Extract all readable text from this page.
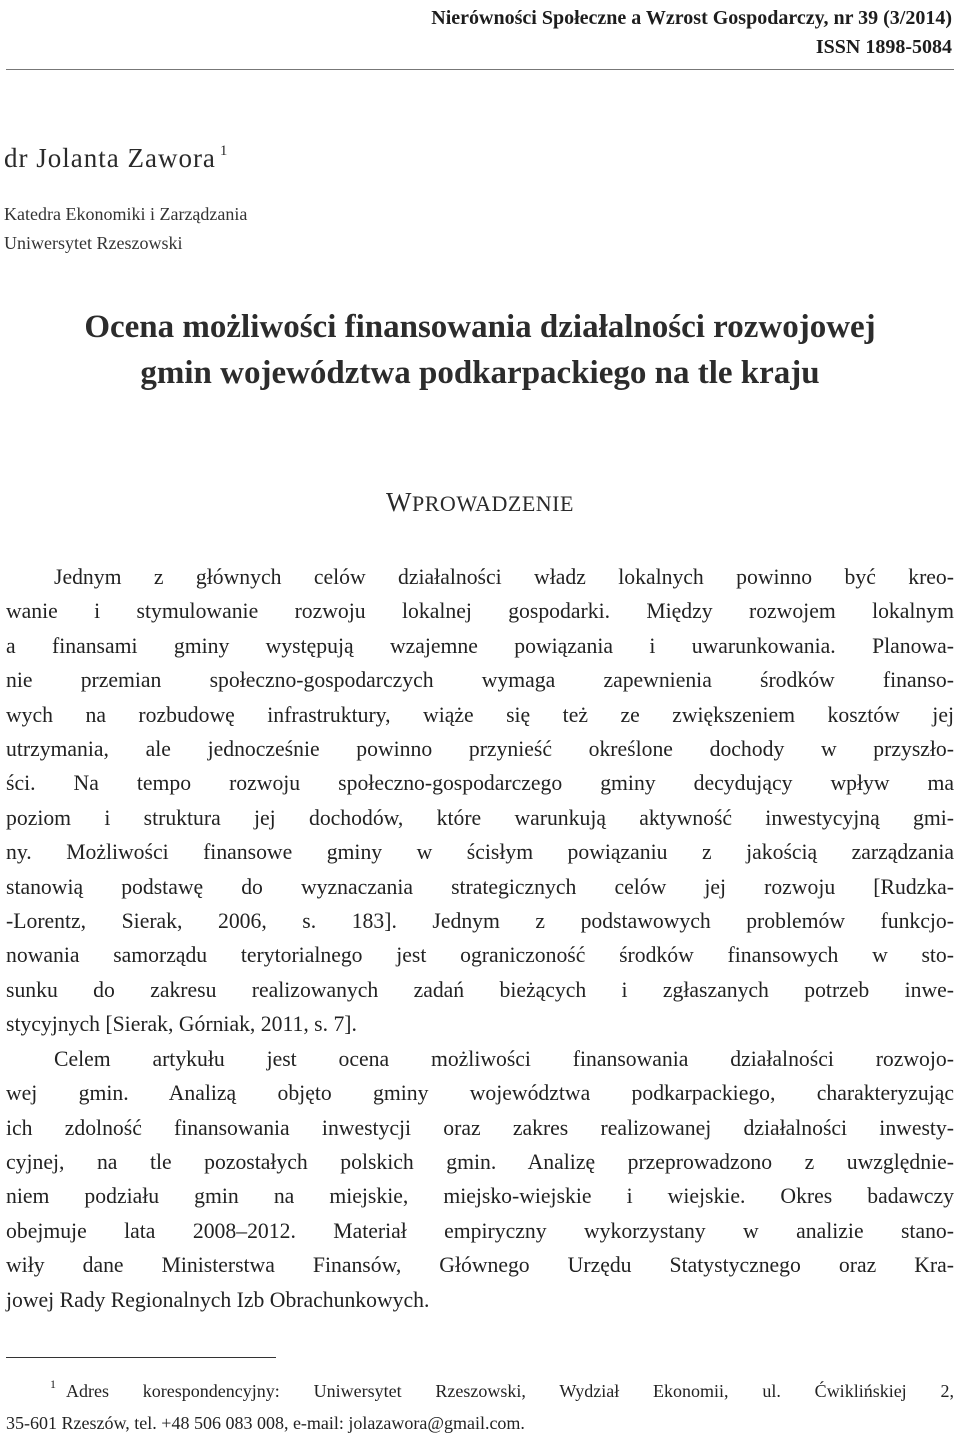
Nierówności Społeczne a Wzrost Gospodarczy, nr 39 (3/2014)
ISSN 1898-5084
dr Jolanta Zawora $^1$
Katedra Ekonomiki i Zarządzania
Uniwersytet Rzeszowski
Ocena możliwości finansowania działalności rozwojowej
gmin województwa podkarpackiego na tle kraju
WPROWADZENIE
Jednym z głównych celów działalności władz lokalnych powinno być kreo-
wanie i stymulowanie rozwoju lokalnej gospodarki. Między rozwojem lokalnym
a finansami gminy występują wzajemne powiązania i uwarunkowania. Planowa-
nie przemian społeczno-gospodarczych wymaga zapewnienia środków finanso-
wych na rozbudowę infrastruktury, wiąże się też ze zwiększeniem kosztów jej
utrzymania, ale jednocześnie powinno przynieść określone dochody w przyszło-
ści. Na tempo rozwoju społeczno-gospodarczego gminy decydujący wpływ ma
poziom i struktura jej dochodów, które warunkują aktywność inwestycyjną gmi-
ny. Możliwości finansowe gminy w ścisłym powiązaniu z jakością zarządzania
stanowią podstawę do wyznaczania strategicznych celów jej rozwoju [Rudzka-
-Lorentz, Sierak, 2006, s. 183]. Jednym z podstawowych problemów funkcjo-
nowania samorządu terytorialnego jest ograniczoność środków finansowych w sto-
sunku do zakresu realizowanych zadań bieżących i zgłaszanych potrzeb inwe-
stycyjnych [Sierak, Górniak, 2011, s. 7].
Celem artykułu jest ocena możliwości finansowania działalności rozwojo-
wej gmin. Analizą objęto gminy województwa podkarpackiego, charakteryzując
ich zdolność finansowania inwestycji oraz zakres realizowanej działalności inwesty-
cyjnej, na tle pozostałych polskich gmin. Analizę przeprowadzono z uwzględnie-
niem podziału gmin na miejskie, miejsko-wiejskie i wiejskie. Okres badawczy
obejmuje lata 2008–2012. Materiał empiryczny wykorzystany w analizie stano-
wiły dane Ministerstwa Finansów, Głównego Urzędu Statystycznego oraz Kra-
jowej Rady Regionalnych Izb Obrachunkowych.
$^1$ Adres korespondencyjny: Uniwersytet Rzeszowski, Wydział Ekonomii, ul. Ćwiklińskiej 2,
35-601 Rzeszów, tel. +48 506 083 008, e-mail: jolazawora@gmail.com.
